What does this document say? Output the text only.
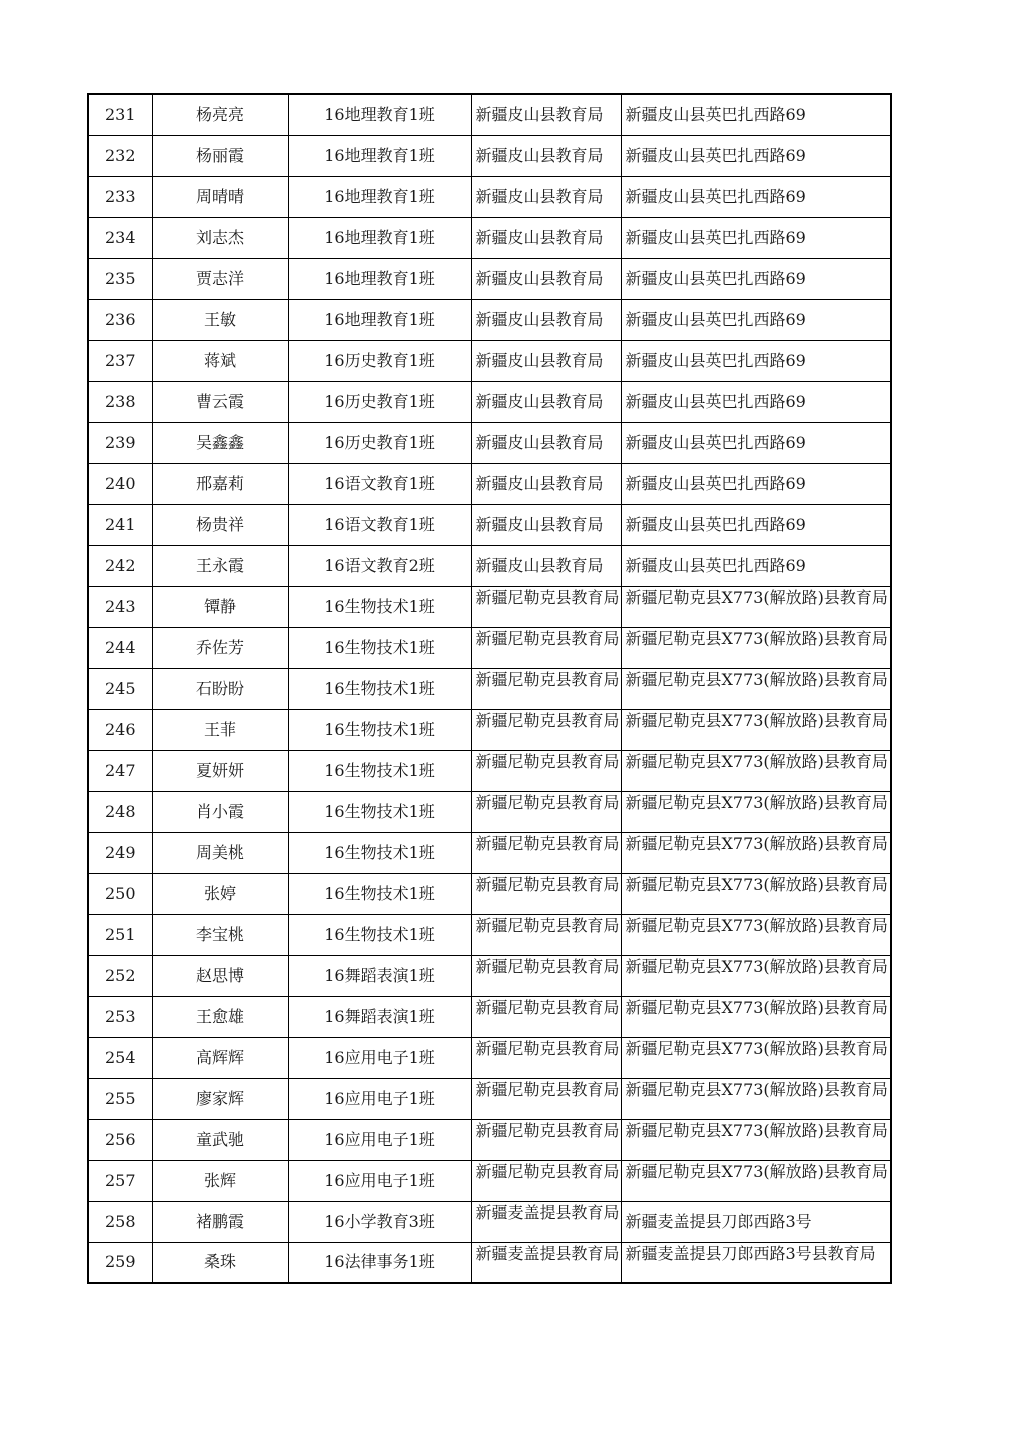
231	杨亮亮	16地理教育1班	新疆皮山县教育局	新疆皮山县英巴扎西路69
232	杨丽霞	16地理教育1班	新疆皮山县教育局	新疆皮山县英巴扎西路69
233	周晴晴	16地理教育1班	新疆皮山县教育局	新疆皮山县英巴扎西路69
234	刘志杰	16地理教育1班	新疆皮山县教育局	新疆皮山县英巴扎西路69
235	贾志洋	16地理教育1班	新疆皮山县教育局	新疆皮山县英巴扎西路69
236	王敏	16地理教育1班	新疆皮山县教育局	新疆皮山县英巴扎西路69
237	蒋斌	16历史教育1班	新疆皮山县教育局	新疆皮山县英巴扎西路69
238	曹云霞	16历史教育1班	新疆皮山县教育局	新疆皮山县英巴扎西路69
239	吴鑫鑫	16历史教育1班	新疆皮山县教育局	新疆皮山县英巴扎西路69
240	邢嘉莉	16语文教育1班	新疆皮山县教育局	新疆皮山县英巴扎西路69
241	杨贵祥	16语文教育1班	新疆皮山县教育局	新疆皮山县英巴扎西路69
242	王永霞	16语文教育2班	新疆皮山县教育局	新疆皮山县英巴扎西路69
243	镡静	16生物技术1班	新疆尼勒克县教育局	新疆尼勒克县X773(解放路)县教育局

244	乔佐芳	16生物技术1班	新疆尼勒克县教育局	新疆尼勒克县X773(解放路)县教育局

245	石盼盼	16生物技术1班	新疆尼勒克县教育局	新疆尼勒克县X773(解放路)县教育局

246	王菲	16生物技术1班	新疆尼勒克县教育局	新疆尼勒克县X773(解放路)县教育局

247	夏妍妍	16生物技术1班	新疆尼勒克县教育局	新疆尼勒克县X773(解放路)县教育局

248	肖小霞	16生物技术1班	新疆尼勒克县教育局	新疆尼勒克县X773(解放路)县教育局

249	周美桃	16生物技术1班	新疆尼勒克县教育局	新疆尼勒克县X773(解放路)县教育局

250	张婷	16生物技术1班	新疆尼勒克县教育局	新疆尼勒克县X773(解放路)县教育局

251	李宝桃	16生物技术1班	新疆尼勒克县教育局	新疆尼勒克县X773(解放路)县教育局

252	赵思博	16舞蹈表演1班	新疆尼勒克县教育局	新疆尼勒克县X773(解放路)县教育局

253	王愈雄	16舞蹈表演1班	新疆尼勒克县教育局	新疆尼勒克县X773(解放路)县教育局

254	高辉辉	16应用电子1班	新疆尼勒克县教育局	新疆尼勒克县X773(解放路)县教育局

255	廖家辉	16应用电子1班	新疆尼勒克县教育局	新疆尼勒克县X773(解放路)县教育局

256	童武驰	16应用电子1班	新疆尼勒克县教育局	新疆尼勒克县X773(解放路)县教育局

257	张辉	16应用电子1班	新疆尼勒克县教育局	新疆尼勒克县X773(解放路)县教育局

258	褚鹏霞	16小学教育3班	新疆麦盖提县教育局	新疆麦盖提县刀郎西路3号
259	桑珠	16法律事务1班	新疆麦盖提县教育局	新疆麦盖提县刀郎西路3号县教育局
